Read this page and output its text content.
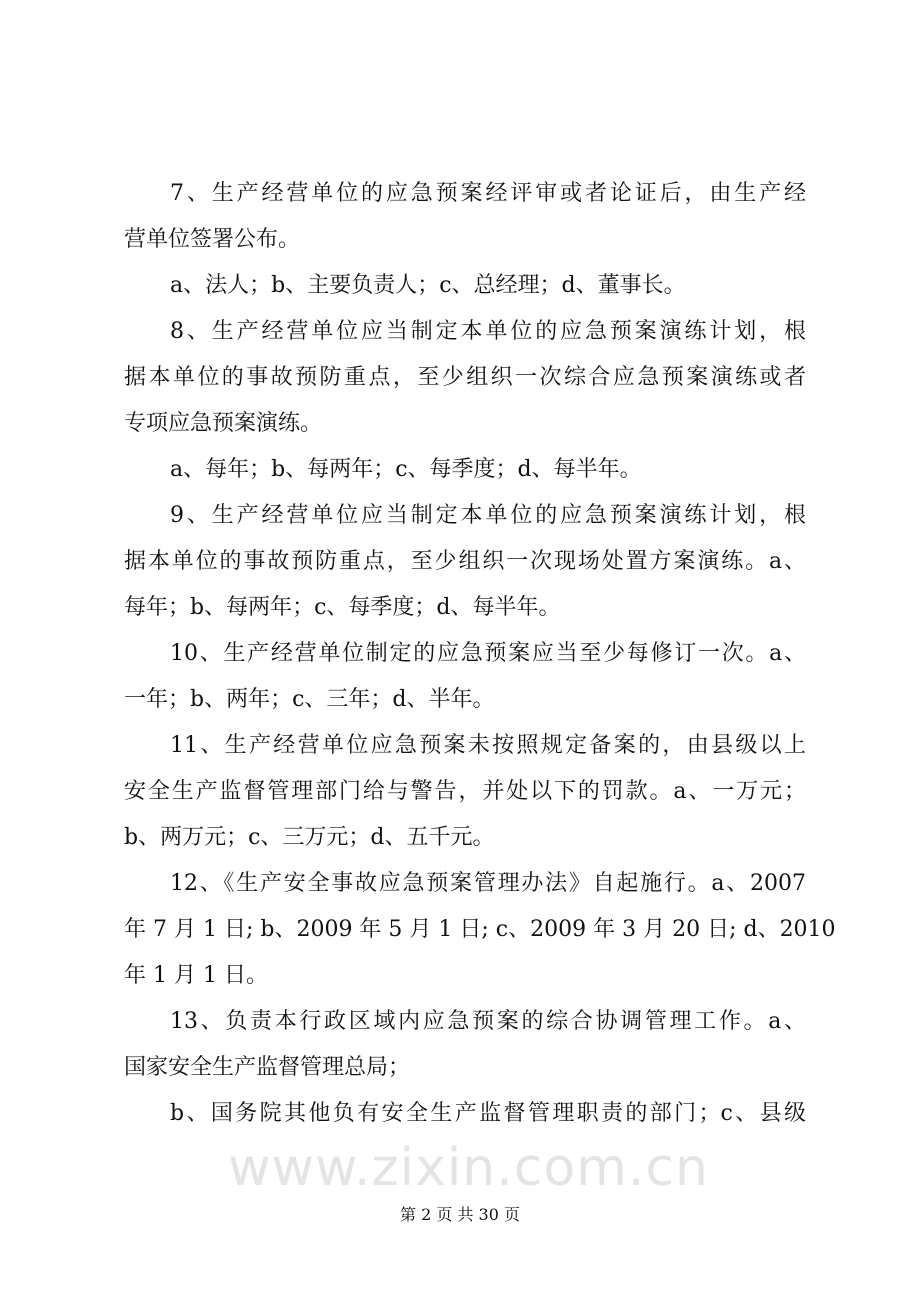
www.zixin.com.cn
7、生产经营单位的应急预案经评审或者论证后，由生产经
营单位签署公布。
a、法人；b、主要负责人；c、总经理；d、董事长。
8、生产经营单位应当制定本单位的应急预案演练计划，根
据本单位的事故预防重点，至少组织一次综合应急预案演练或者
专项应急预案演练。
a、每年；b、每两年；c、每季度；d、每半年。
9、生产经营单位应当制定本单位的应急预案演练计划，根
据本单位的事故预防重点，至少组织一次现场处置方案演练。a、
每年；b、每两年；c、每季度；d、每半年。
10、生产经营单位制定的应急预案应当至少每修订一次。a、
一年；b、两年；c、三年；d、半年。
11、生产经营单位应急预案未按照规定备案的，由县级以上
安全生产监督管理部门给与警告，并处以下的罚款。a、一万元；
b、两万元；c、三万元；d、五千元。
12、《生产安全事故应急预案管理办法》自起施行。a、2007
年 7 月 1 日; b、2009 年 5 月 1 日; c、2009 年 3 月 20 日; d、2010
年 1 月 1 日。
13、负责本行政区域内应急预案的综合协调管理工作。a、
国家安全生产监督管理总局；
b、国务院其他负有安全生产监督管理职责的部门；c、县级
第 2 页 共 30 页
